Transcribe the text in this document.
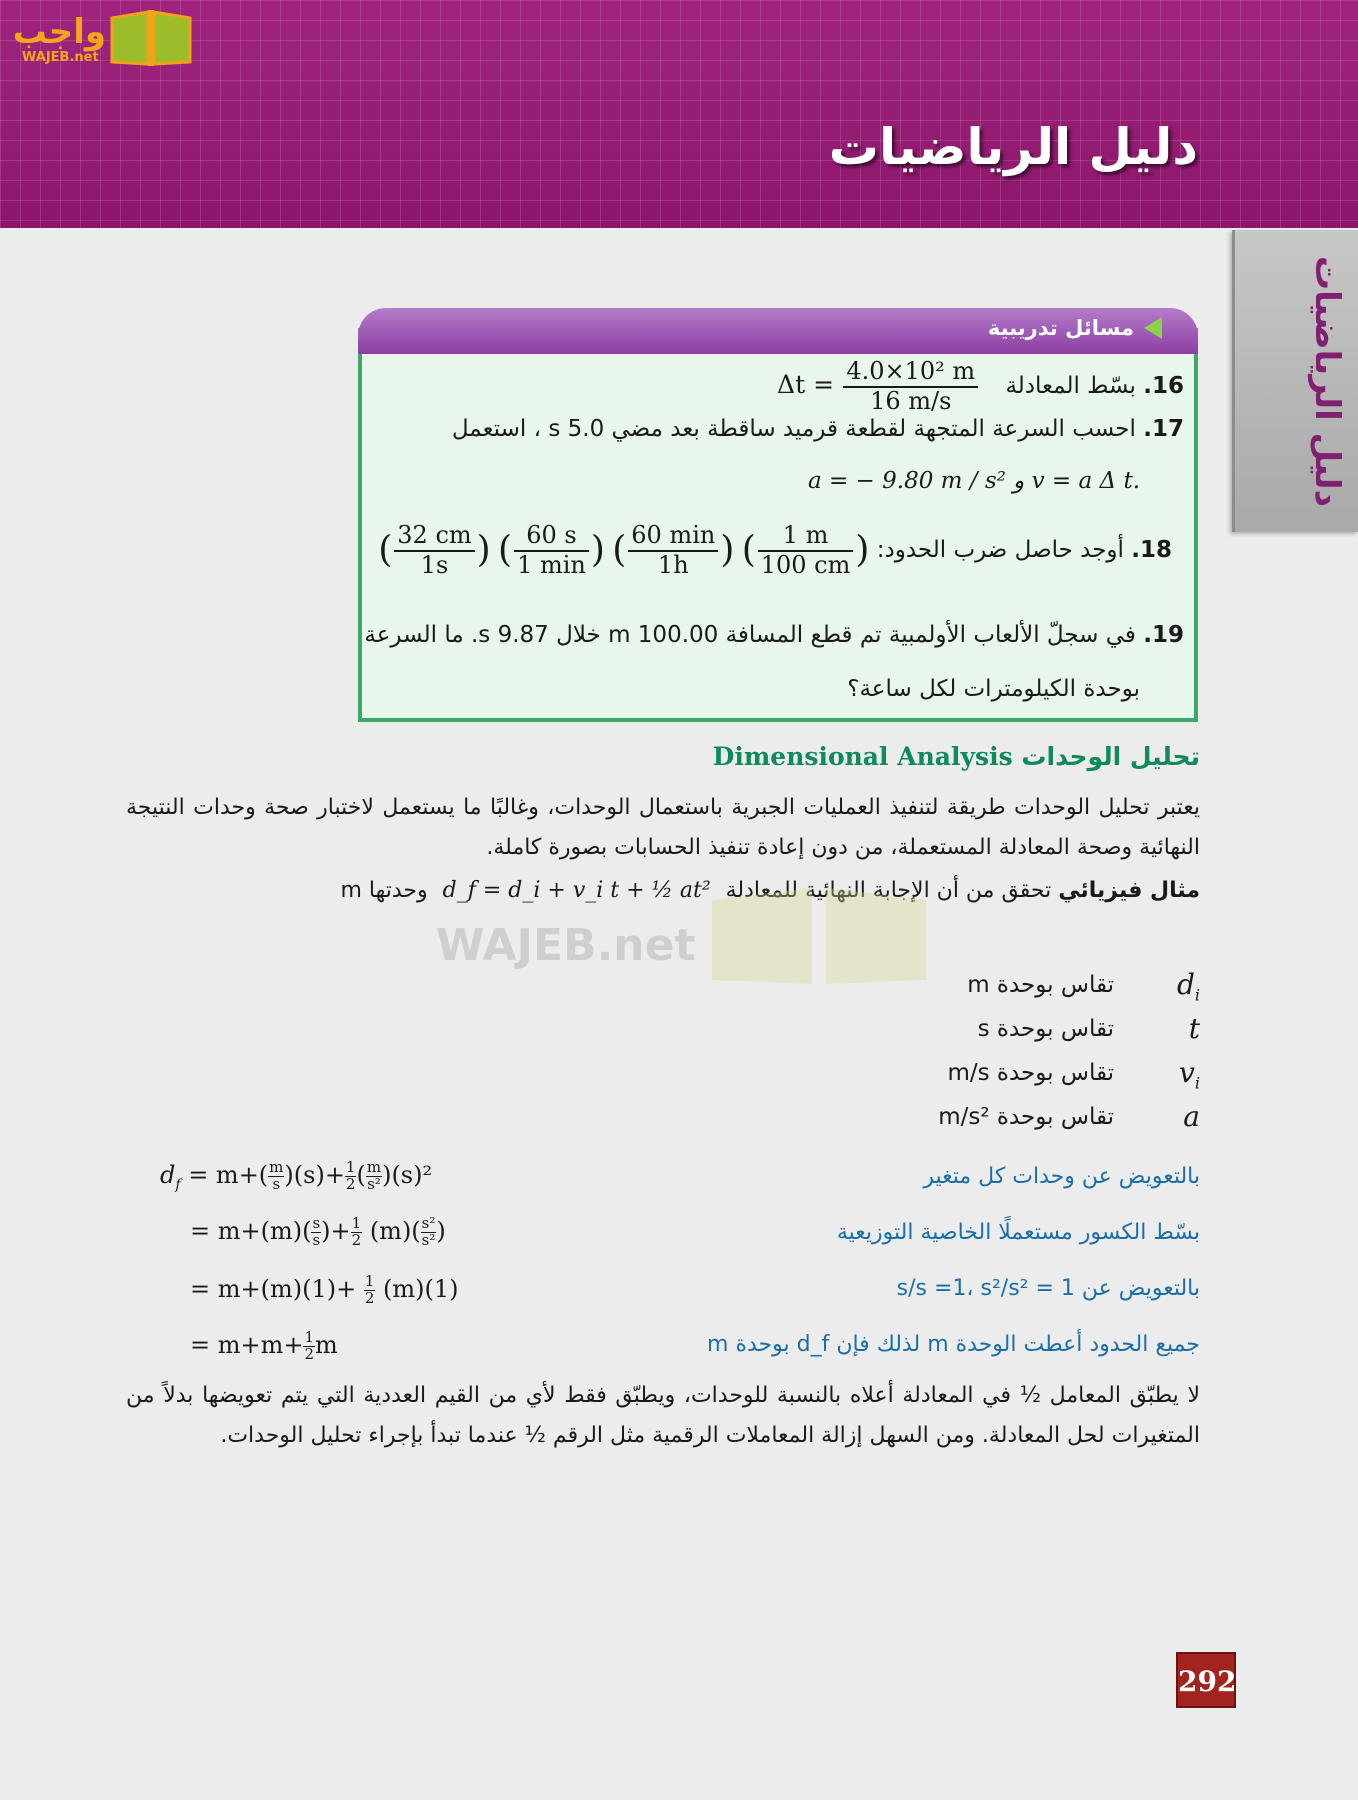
واجب
WAJEB.net
دليل الرياضيات
دليل الرياضيات
مسائل تدريبية
16. بسّط المعادلة $\Delta t = \frac{\text{4.0×10² m}}{16 m/s}$
17. احسب السرعة المتجهة لقطعة قرميد ساقطة بعد مضي 5.0 s ، استعمل
.v = a Δ t و a = − 9.80 m / s²
18. أوجد حاصل ضرب الحدود: ( $\frac{32 cm}{1s}$ ) ( $\frac{60 s}{1 \min}$ ) ( $\frac{60 \min}{1h}$ ) ( $\frac{1 m}{100 cm}$ )
19. في سجلّ الألعاب الأولمبية تم قطع المسافة 100.00 m خلال 9.87 s. ما السرعة
بوحدة الكيلومترات لكل ساعة؟
تحليل الوحدات Dimensional Analysis
يعتبر تحليل الوحدات طريقة لتنفيذ العمليات الجبرية باستعمال الوحدات، وغالبًا ما يستعمل لاختبار صحة وحدات النتيجة النهائية وصحة المعادلة المستعملة، من دون إعادة تنفيذ الحسابات بصورة كاملة.
مثال فيزيائي تحقق من أن الإجابة النهائية للمعادلة d_f = d_i + v_i t + ½ at² وحدتها m
WAJEB.net
$d_i$
تقاس بوحدة m
t
تقاس بوحدة s
$v_i$
تقاس بوحدة m/s
a
تقاس بوحدة m/s²
بالتعويض عن وحدات كل متغير
$d_f = m+( \frac{m}{s} )(s)+ \frac{1}{2}$ ( $\frac{m}{\text{s²}} )(s)^2$
بسّط الكسور مستعملًا الخاصية التوزيعية
= $m+(m)( \frac{s}{s}$ )+ $\frac{1}{2} (m)( \frac{\text{s²}}{\text{s²}}$ )
بالتعويض عن s/s =1، s²/s² = 1
= $m+(m)(1)+ \frac{1}{2} (m)(1)$
جميع الحدود أعطت الوحدة m لذلك فإن d_f بوحدة m
= $m+m+ \frac{1}{2}$ m
لا يطبّق المعامل ½ في المعادلة أعلاه بالنسبة للوحدات، ويطبّق فقط لأي من القيم العددية التي يتم تعويضها بدلاً من المتغيرات لحل المعادلة. ومن السهل إزالة المعاملات الرقمية مثل الرقم ½ عندما تبدأ بإجراء تحليل الوحدات.
292
